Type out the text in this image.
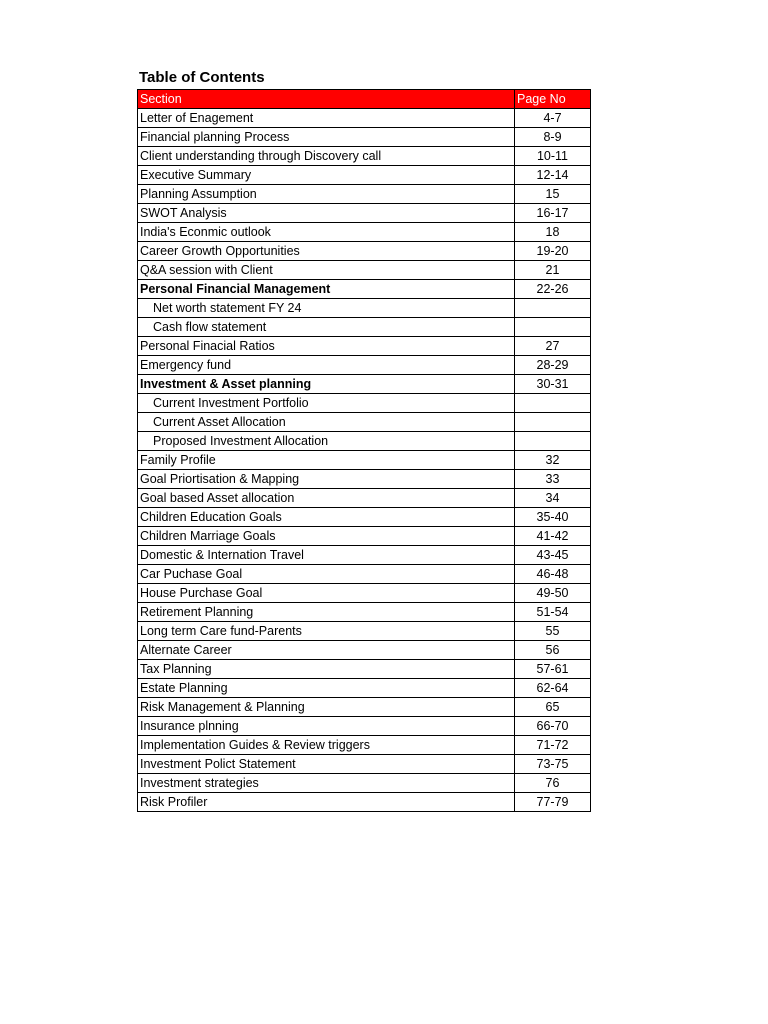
Table of Contents
Section	Page No
Letter of Enagement	4-7
Financial planning Process	8-9
Client understanding through Discovery call	10-11
Executive Summary	12-14
Planning Assumption	15
SWOT Analysis	16-17
India's Econmic outlook	18
Career Growth Opportunities	19-20
Q&A session with Client	21
Personal Financial Management	22-26
Net worth statement FY 24	
Cash flow statement	
Personal Finacial Ratios	27
Emergency fund	28-29
Investment & Asset planning	30-31
Current Investment Portfolio	
Current Asset Allocation	
Proposed Investment Allocation	
Family Profile	32
Goal Priortisation & Mapping	33
Goal based Asset allocation	34
Children Education Goals	35-40
Children Marriage Goals	41-42
Domestic & Internation Travel	43-45
Car Puchase Goal	46-48
House Purchase Goal	49-50
Retirement Planning	51-54
Long term Care fund-Parents	55
Alternate Career	56
Tax Planning	57-61
Estate Planning	62-64
Risk Management & Planning	65
Insurance plnning	66-70
Implementation Guides & Review triggers	71-72
Investment Polict Statement	73-75
Investment strategies	76
Risk Profiler	77-79
